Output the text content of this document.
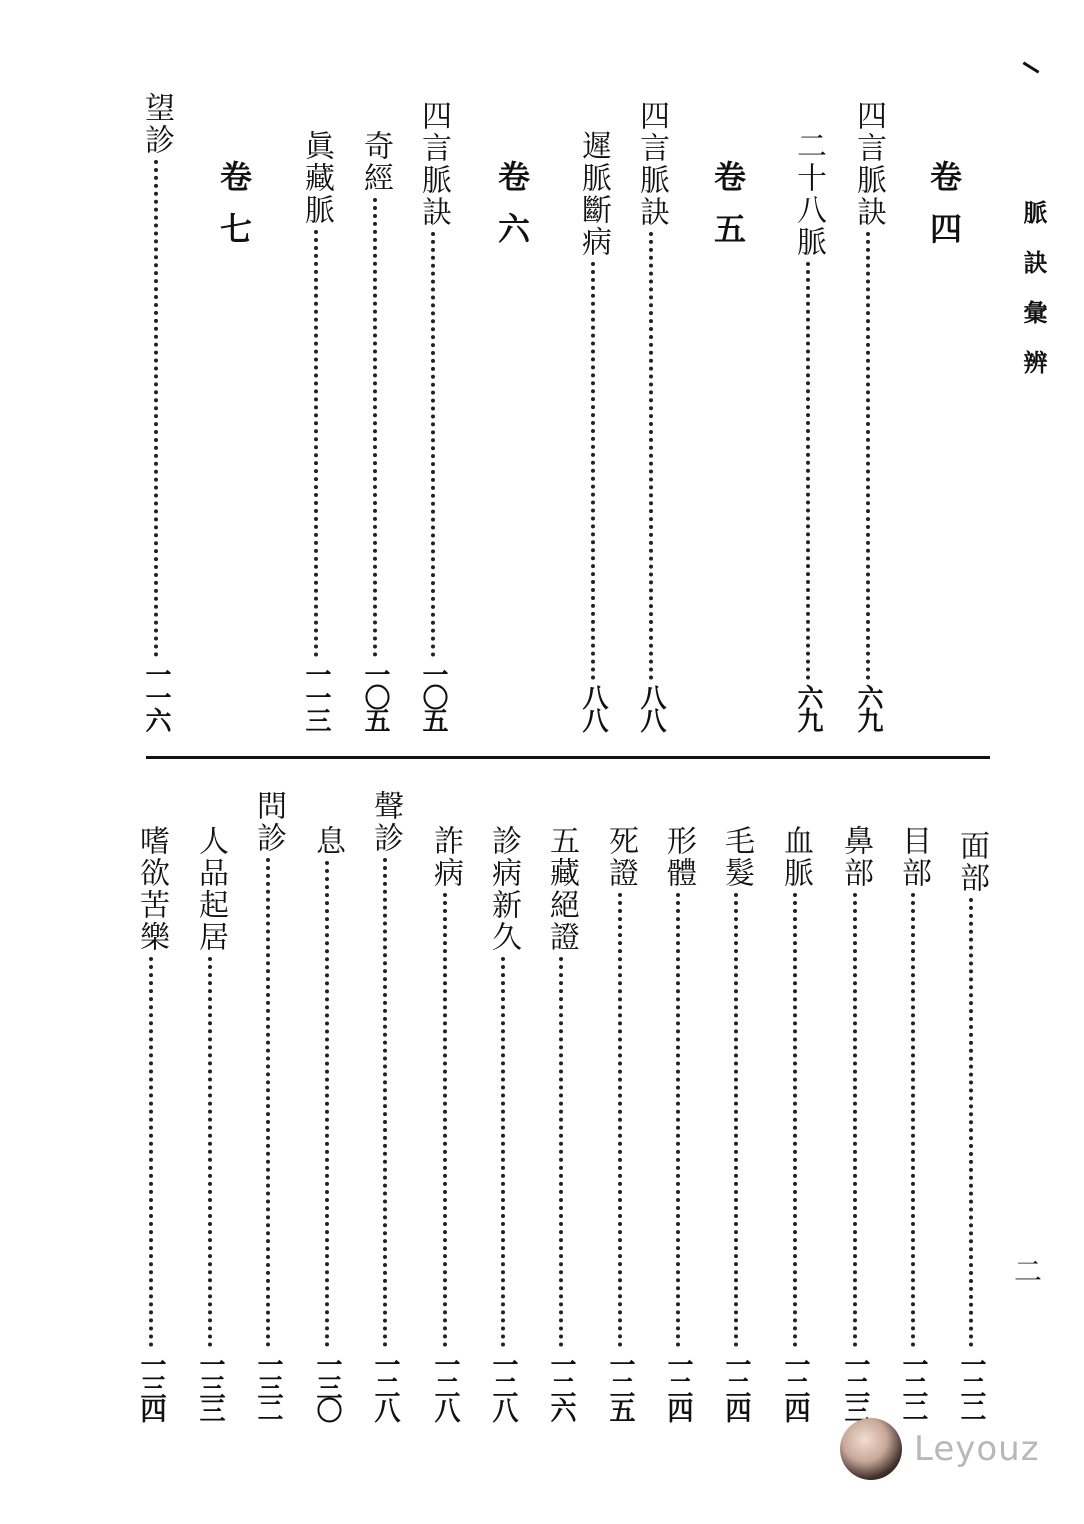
脈訣彙辨
二
卷四
四言脈訣
六九
二十八脈
六九
卷五
四言脈訣
八八
遲脈斷病
八八
卷六
四言脈訣
一〇五
奇經
一〇五
眞藏脈
一一三
卷七
望診
一一六
面部
一二二
目部
一二二
鼻部
一二三
血脈
一二四
毛髮
一二四
形體
一二四
死證
一二五
五藏絕證
一二六
診病新久
一二八
詐病
一二八
聲診
一二八
息
一三〇
問診
一三二
人品起居
一三三
嗜欲苦樂
一三四
Leyouz
